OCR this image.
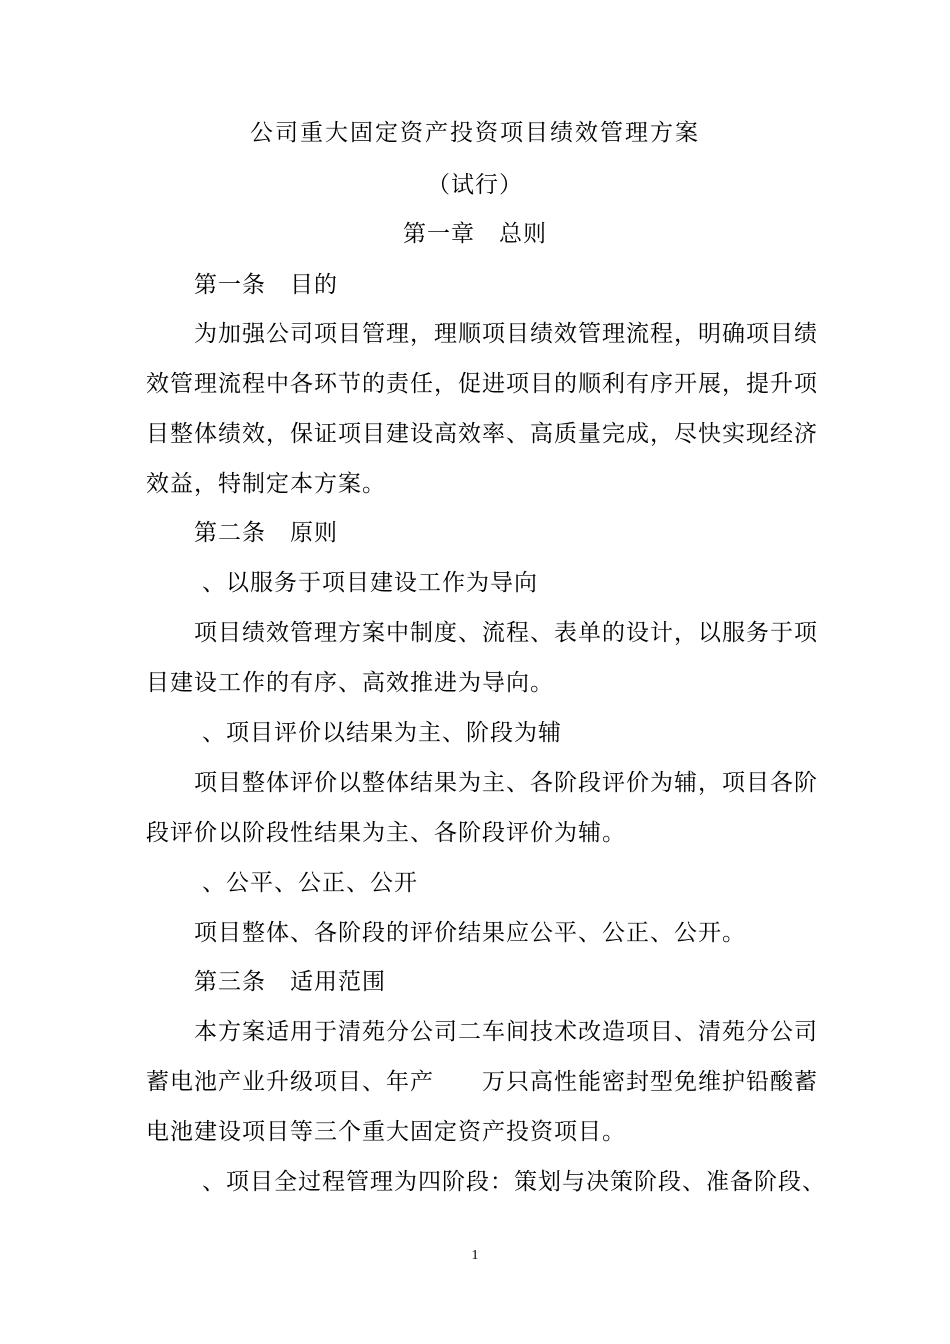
公司重大固定资产投资项目绩效管理方案
（试行）
第一章　总则
第一条　目的
为加强公司项目管理，理顺项目绩效管理流程，明确项目绩
效管理流程中各环节的责任，促进项目的顺利有序开展，提升项
目整体绩效，保证项目建设高效率、高质量完成，尽快实现经济
效益，特制定本方案。
第二条　原则
、以服务于项目建设工作为导向
项目绩效管理方案中制度、流程、表单的设计，以服务于项
目建设工作的有序、高效推进为导向。
、项目评价以结果为主、阶段为辅
项目整体评价以整体结果为主、各阶段评价为辅，项目各阶
段评价以阶段性结果为主、各阶段评价为辅。
、公平、公正、公开
项目整体、各阶段的评价结果应公平、公正、公开。
第三条　适用范围
本方案适用于清苑分公司二车间技术改造项目、清苑分公司
蓄电池产业升级项目、年产　　万只高性能密封型免维护铅酸蓄
电池建设项目等三个重大固定资产投资项目。
、项目全过程管理为四阶段：策划与决策阶段、准备阶段、
1
